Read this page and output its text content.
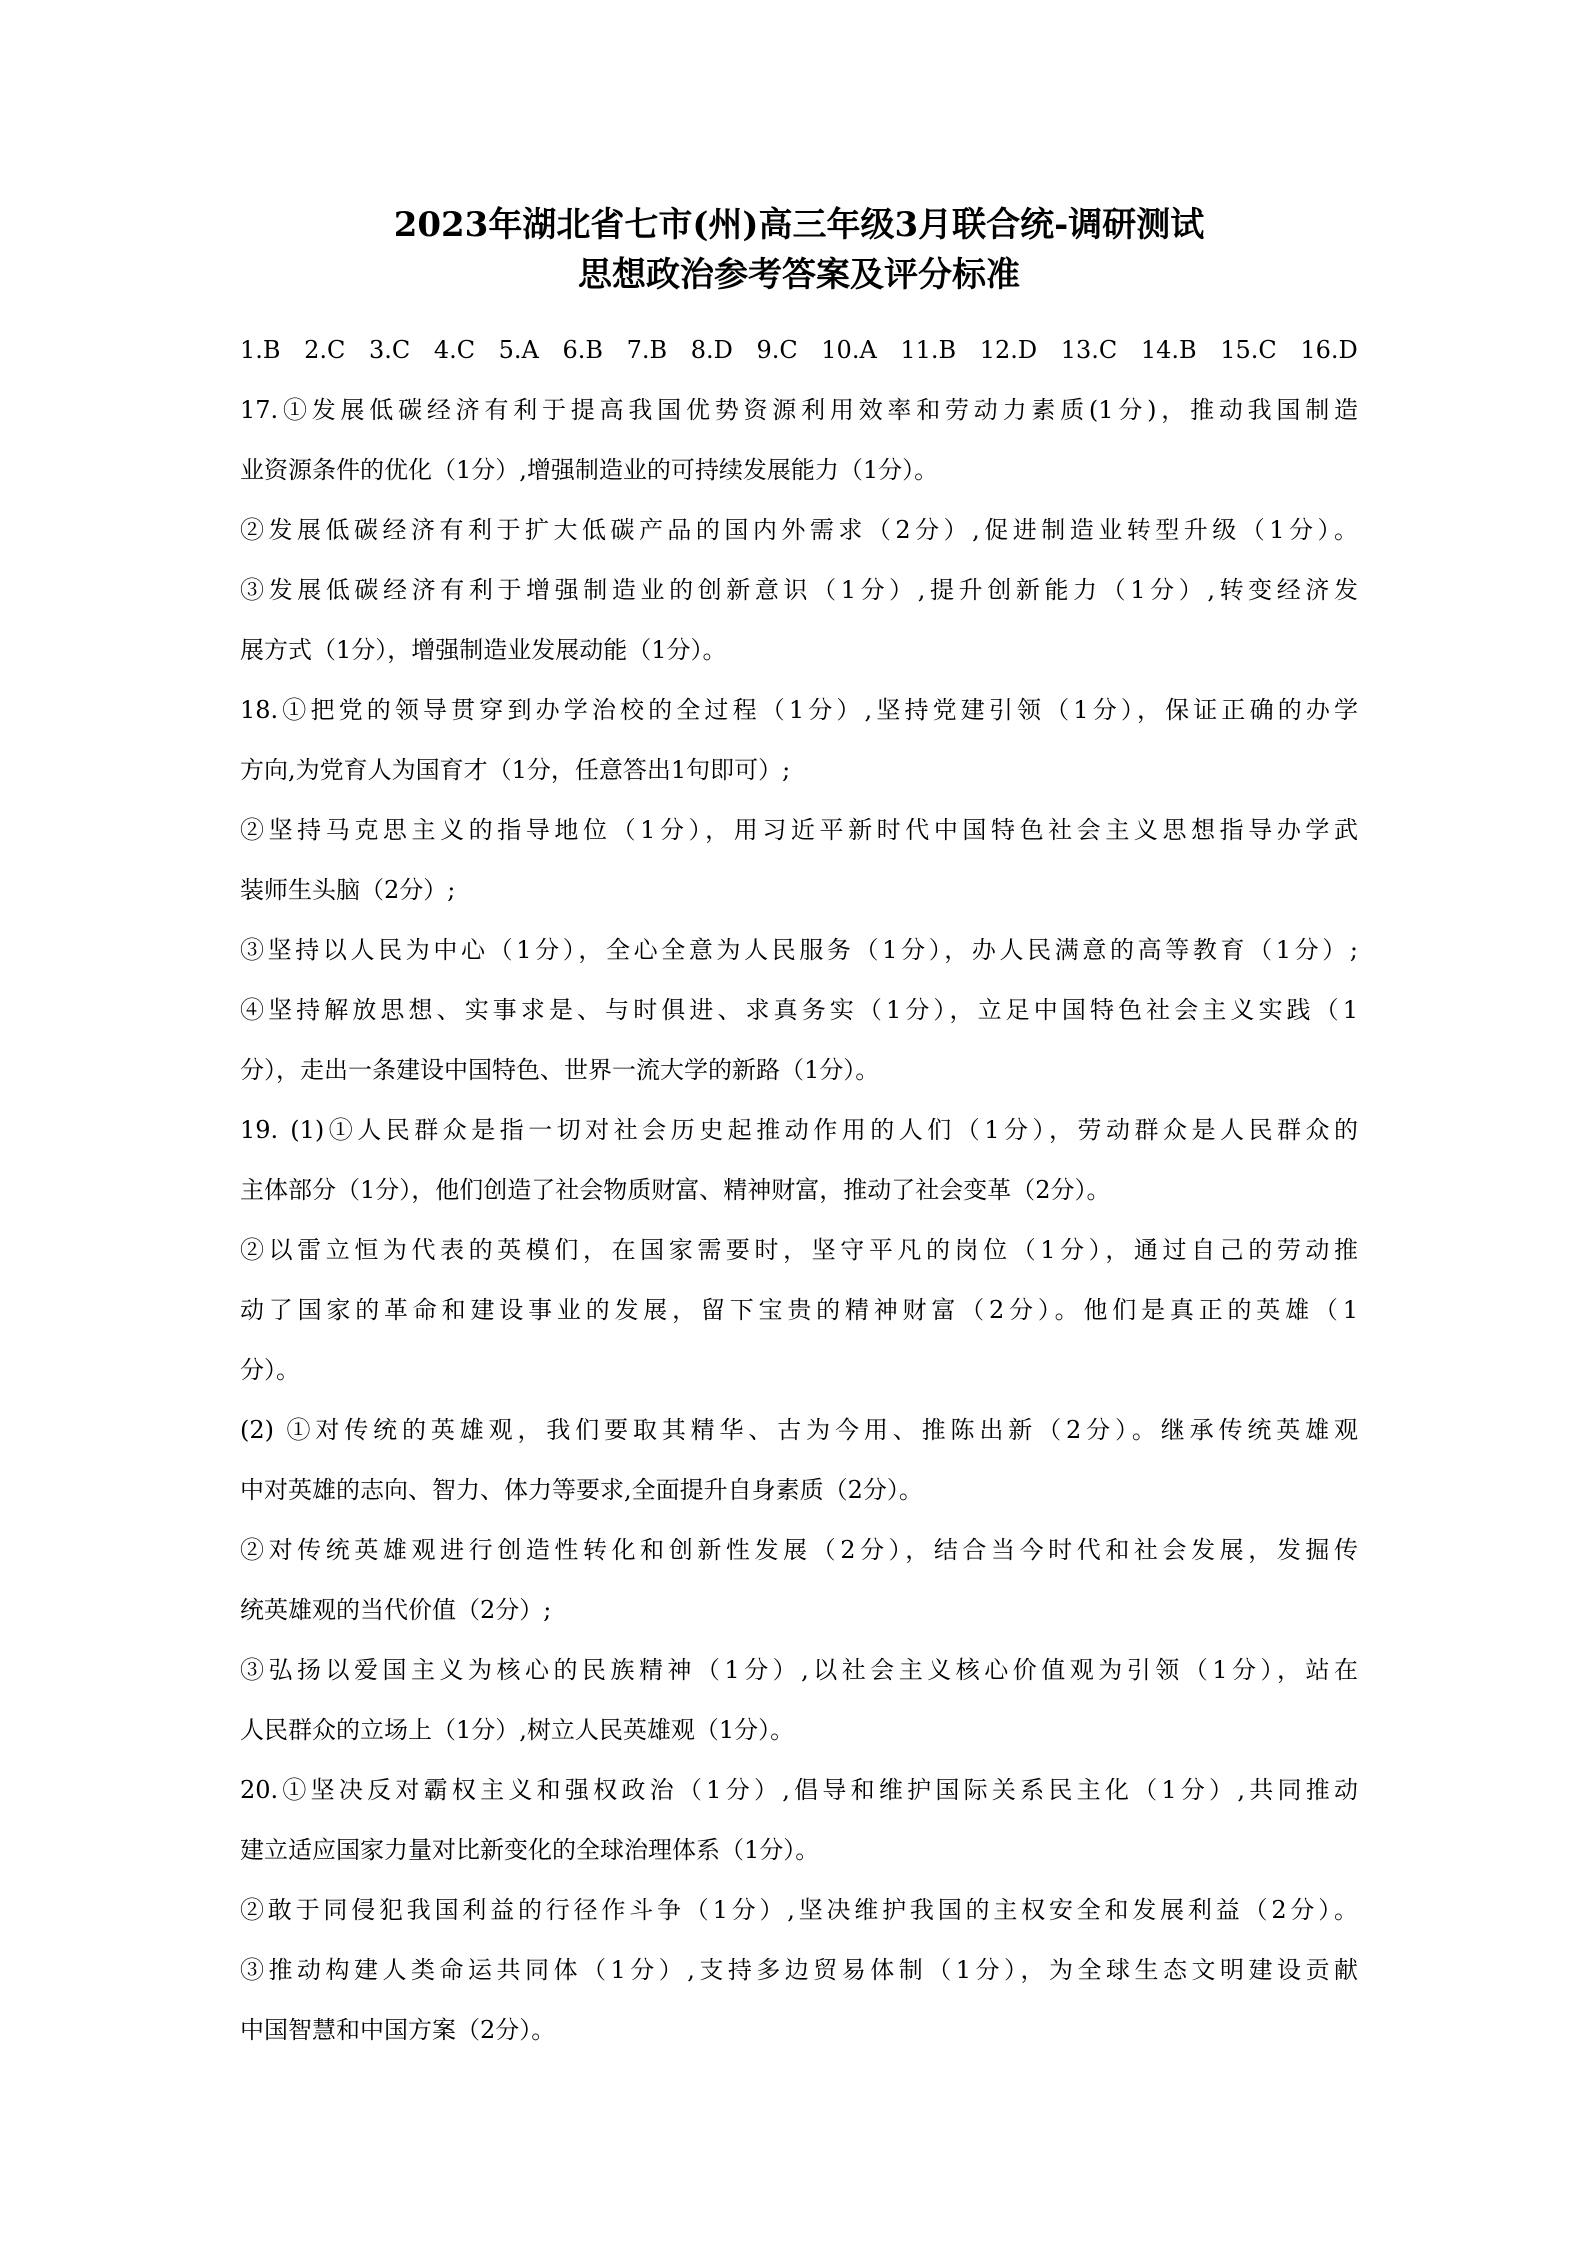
2023年湖北省七市(州)高三年级3月联合统-调研测试
思想政治参考答案及评分标准
1.B 2.C 3.C 4.C 5.A 6.B 7.B 8.D 9.C 10.A 11.B 12.D 13.C 14.B 15.C 16.D

17.①发展低碳经济有利于提高我国优势资源利用效率和劳动力素质(1分)，推动我国制造

业资源条件的优化（1分）,增强制造业的可持续发展能力（1分）。

②发展低碳经济有利于扩大低碳产品的国内外需求（2分）,促进制造业转型升级（1分）。

③发展低碳经济有利于增强制造业的创新意识（1分）,提升创新能力（1分）,转变经济发

展方式（1分），增强制造业发展动能（1分）。

18.①把党的领导贯穿到办学治校的全过程（1分）,坚持党建引领（1分），保证正确的办学

方向,为党育人为国育才（1分，任意答出1句即可）;

②坚持马克思主义的指导地位（1分），用习近平新时代中国特色社会主义思想指导办学武

装师生头脑（2分）;

③坚持以人民为中心（1分），全心全意为人民服务（1分），办人民满意的高等教育（1分）;

④坚持解放思想、实事求是、与时俱进、求真务实（1分），立足中国特色社会主义实践（1

分），走出一条建设中国特色、世界一流大学的新路（1分）。

19. (1)①人民群众是指一切对社会历史起推动作用的人们（1分），劳动群众是人民群众的

主体部分（1分），他们创造了社会物质财富、精神财富，推动了社会变革（2分）。

②以雷立恒为代表的英模们，在国家需要时，坚守平凡的岗位（1分），通过自己的劳动推

动了国家的革命和建设事业的发展，留下宝贵的精神财富（2分）。他们是真正的英雄（1

分）。

(2) ①对传统的英雄观，我们要取其精华、古为今用、推陈出新（2分）。继承传统英雄观

中对英雄的志向、智力、体力等要求,全面提升自身素质（2分）。

②对传统英雄观进行创造性转化和创新性发展（2分），结合当今时代和社会发展，发掘传

统英雄观的当代价值（2分）;

③弘扬以爱国主义为核心的民族精神（1分）,以社会主义核心价值观为引领（1分），站在

人民群众的立场上（1分）,树立人民英雄观（1分）。

20.①坚决反对霸权主义和强权政治（1分）,倡导和维护国际关系民主化（1分）,共同推动

建立适应国家力量对比新变化的全球治理体系（1分）。

②敢于同侵犯我国利益的行径作斗争（1分）,坚决维护我国的主权安全和发展利益（2分）。

③推动构建人类命运共同体（1分）,支持多边贸易体制（1分），为全球生态文明建设贡献

中国智慧和中国方案（2分）。
